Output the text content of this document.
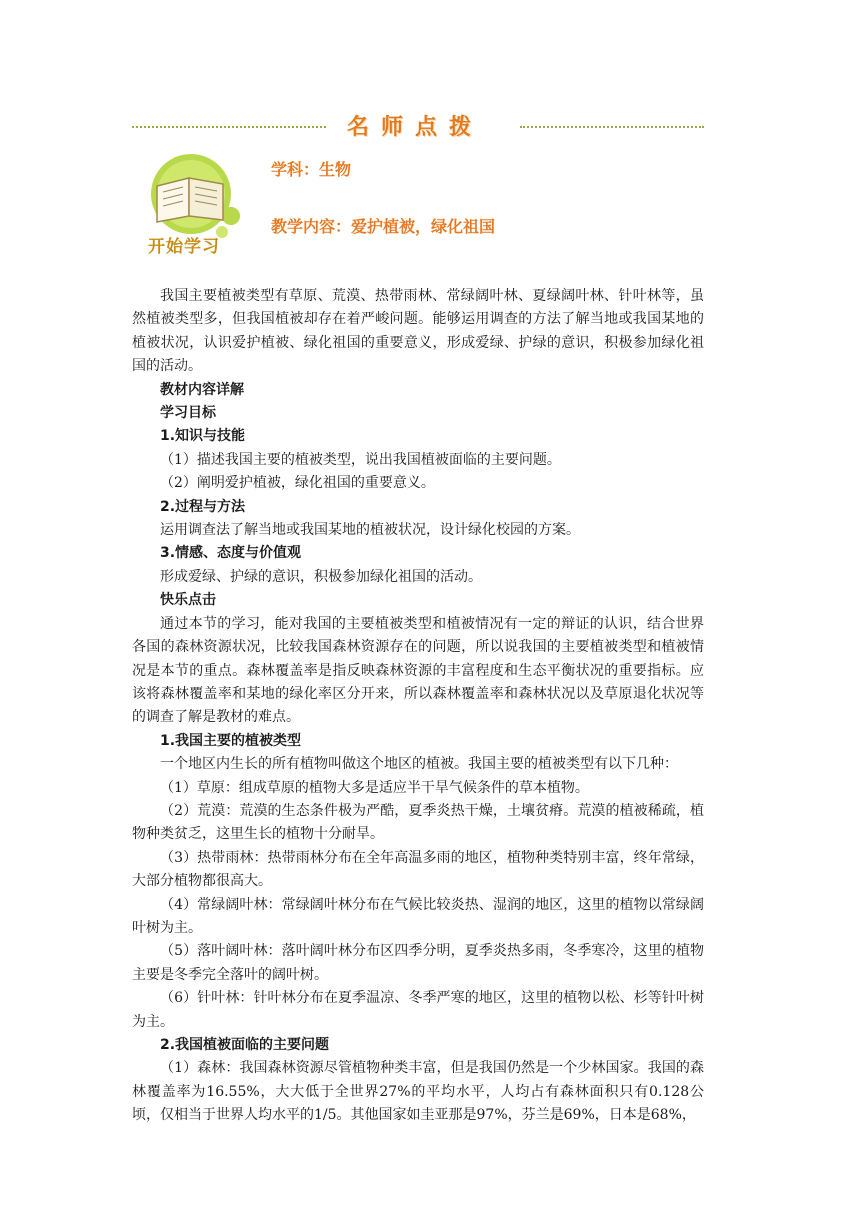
名师点拨
开始学习
学科：生物
教学内容：爱护植被，绿化祖国

我国主要植被类型有草原、荒漠、热带雨林、常绿阔叶林、夏绿阔叶林、针叶林等，虽然植被类型多，但我国植被却存在着严峻问题。能够运用调查的方法了解当地或我国某地的植被状况，认识爱护植被、绿化祖国的重要意义，形成爱绿、护绿的意识，积极参加绿化祖国的活动。

教材内容详解

学习目标

1.知识与技能

（1）描述我国主要的植被类型，说出我国植被面临的主要问题。

（2）阐明爱护植被，绿化祖国的重要意义。

2.过程与方法

运用调查法了解当地或我国某地的植被状况，设计绿化校园的方案。

3.情感、态度与价值观

形成爱绿、护绿的意识，积极参加绿化祖国的活动。

快乐点击

通过本节的学习，能对我国的主要植被类型和植被情况有一定的辩证的认识，结合世界各国的森林资源状况，比较我国森林资源存在的问题，所以说我国的主要植被类型和植被情况是本节的重点。森林覆盖率是指反映森林资源的丰富程度和生态平衡状况的重要指标。应该将森林覆盖率和某地的绿化率区分开来，所以森林覆盖率和森林状况以及草原退化状况等的调查了解是教材的难点。

1.我国主要的植被类型

一个地区内生长的所有植物叫做这个地区的植被。我国主要的植被类型有以下几种：

（1）草原：组成草原的植物大多是适应半干旱气候条件的草本植物。

（2）荒漠：荒漠的生态条件极为严酷，夏季炎热干燥，土壤贫瘠。荒漠的植被稀疏，植物种类贫乏，这里生长的植物十分耐旱。

（3）热带雨林：热带雨林分布在全年高温多雨的地区，植物种类特别丰富，终年常绿，大部分植物都很高大。

（4）常绿阔叶林：常绿阔叶林分布在气候比较炎热、湿润的地区，这里的植物以常绿阔叶树为主。

（5）落叶阔叶林：落叶阔叶林分布区四季分明，夏季炎热多雨，冬季寒冷，这里的植物主要是冬季完全落叶的阔叶树。

（6）针叶林：针叶林分布在夏季温凉、冬季严寒的地区，这里的植物以松、杉等针叶树为主。

2.我国植被面临的主要问题

（1）森林：我国森林资源尽管植物种类丰富，但是我国仍然是一个少林国家。我国的森林覆盖率为16.55%，大大低于全世界27%的平均水平，人均占有森林面积只有0.128公顷，仅相当于世界人均水平的1/5。其他国家如圭亚那是97%，芬兰是69%，日本是68%，
